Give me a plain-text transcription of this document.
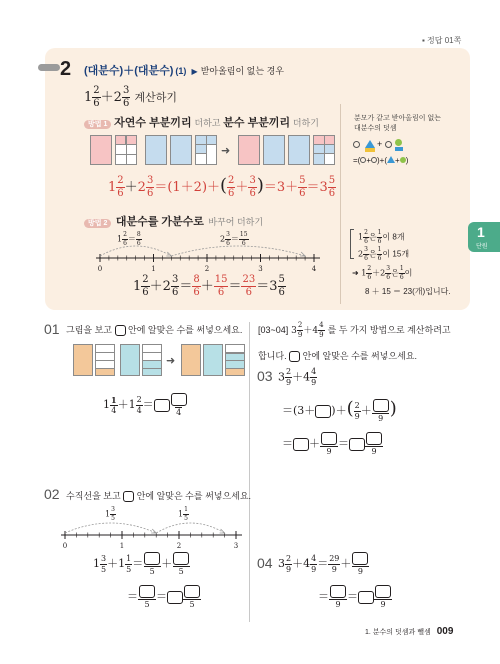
▪ 정답 01쪽
2 (대분수)＋(대분수) (1) ▶ 받아올림이 없는 경우
$1 \frac{2}{6} +2 \frac{3}{6}$ 계산하기
방법 1 자연수 부분끼리 더하고 분수 부분끼리 더하기
➜
$1 \frac{2}{6} +2 \frac{3}{6} =(1+2)+( \frac{2}{6} + \frac{3}{6} )=3+ \frac{5}{6} =3 \frac{5}{6}$
방법 2 대분수를 가분수로 바꾸어 더하기
$1 \frac{2}{6} = \frac{8}{6}$	$2 \frac{3}{6} = \frac{15}{6}$
0	1	2	3	4
$1 \frac{2}{6} +2 \frac{3}{6} = \frac{8}{6} + \frac{15}{6} = \frac{23}{6} =3 \frac{5}{6}$
분모가 같고 받아올림이 없는
대분수의 덧셈
+
=( + )+( + )
$1 \frac{2}{6}$ 은 $\frac{1}{6}$ 이 8개
$2 \frac{3}{6}$ 은 $\frac{1}{6}$ 이 15개
➜ $1 \frac{2}{6} +2 \frac{3}{6}$ 은 $\frac{1}{6}$ 이
8 ＋ 15 ＝ 23(개)입니다.
1
단원
01 그림을 보고 안에 알맞은 수를 써넣으세요.
➜
$1 \frac{1}{4} +1 \frac{2}{4}$ ＝
4
02 수직선을 보고 안에 알맞은 수를 써넣으세요.
$1 \frac{3}{5}$	$1 \frac{1}{5}$
0	1	2	3
$1 \frac{3}{5} +1 \frac{1}{5}$ ＝
5
＋
5
＝
5
＝
5
[03~04] $3 \frac{2}{9} +4 \frac{4}{9}$ 를 두 가지 방법으로 계산하려고
합니다. 안에 알맞은 수를 써넣으세요.
03 $3 \frac{2}{9} +4 \frac{4}{9}$
＝(3＋ )＋( $\frac{2}{9}$ ＋
9 )
＝ ＋
9
＝
9
04 $3 \frac{2}{9} +4 \frac{4}{9} = \frac{29}{9}$ ＋
9
＝
9
＝
9
1. 분수의 덧셈과 뺄셈 009
